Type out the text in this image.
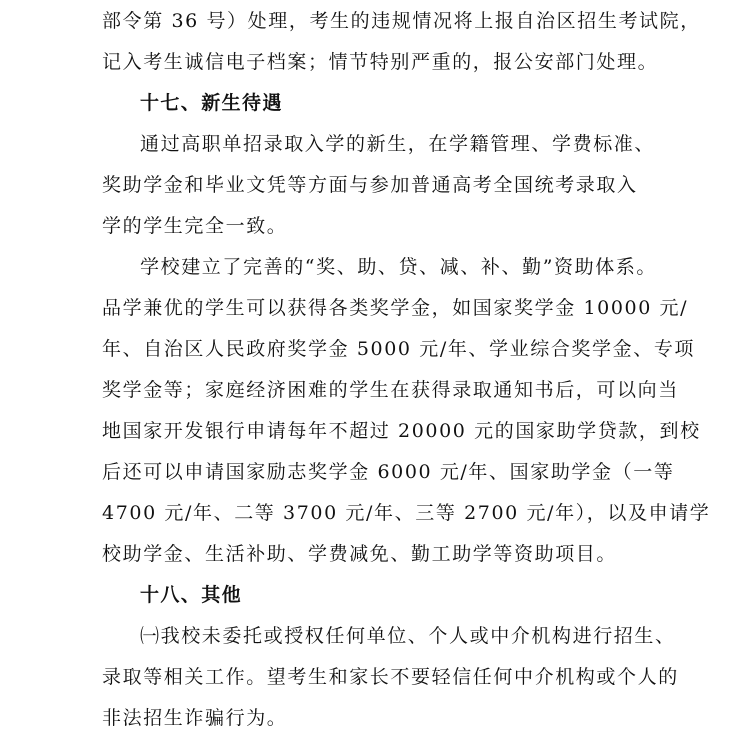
部令第 36 号）处理，考生的违规情况将上报自治区招生考试院，
记入考生诚信电子档案；情节特别严重的，报公安部门处理。
十七、新生待遇
通过高职单招录取入学的新生，在学籍管理、学费标准、
奖助学金和毕业文凭等方面与参加普通高考全国统考录取入
学的学生完全一致。
学校建立了完善的“奖、助、贷、减、补、勤”资助体系。
品学兼优的学生可以获得各类奖学金，如国家奖学金 10000 元/
年、自治区人民政府奖学金 5000 元/年、学业综合奖学金、专项
奖学金等；家庭经济困难的学生在获得录取通知书后，可以向当
地国家开发银行申请每年不超过 20000 元的国家助学贷款，到校
后还可以申请国家励志奖学金 6000 元/年、国家助学金（一等
4700 元/年、二等 3700 元/年、三等 2700 元/年），以及申请学
校助学金、生活补助、学费减免、勤工助学等资助项目。
十八、其他
㈠我校未委托或授权任何单位、个人或中介机构进行招生、
录取等相关工作。望考生和家长不要轻信任何中介机构或个人的
非法招生诈骗行为。
